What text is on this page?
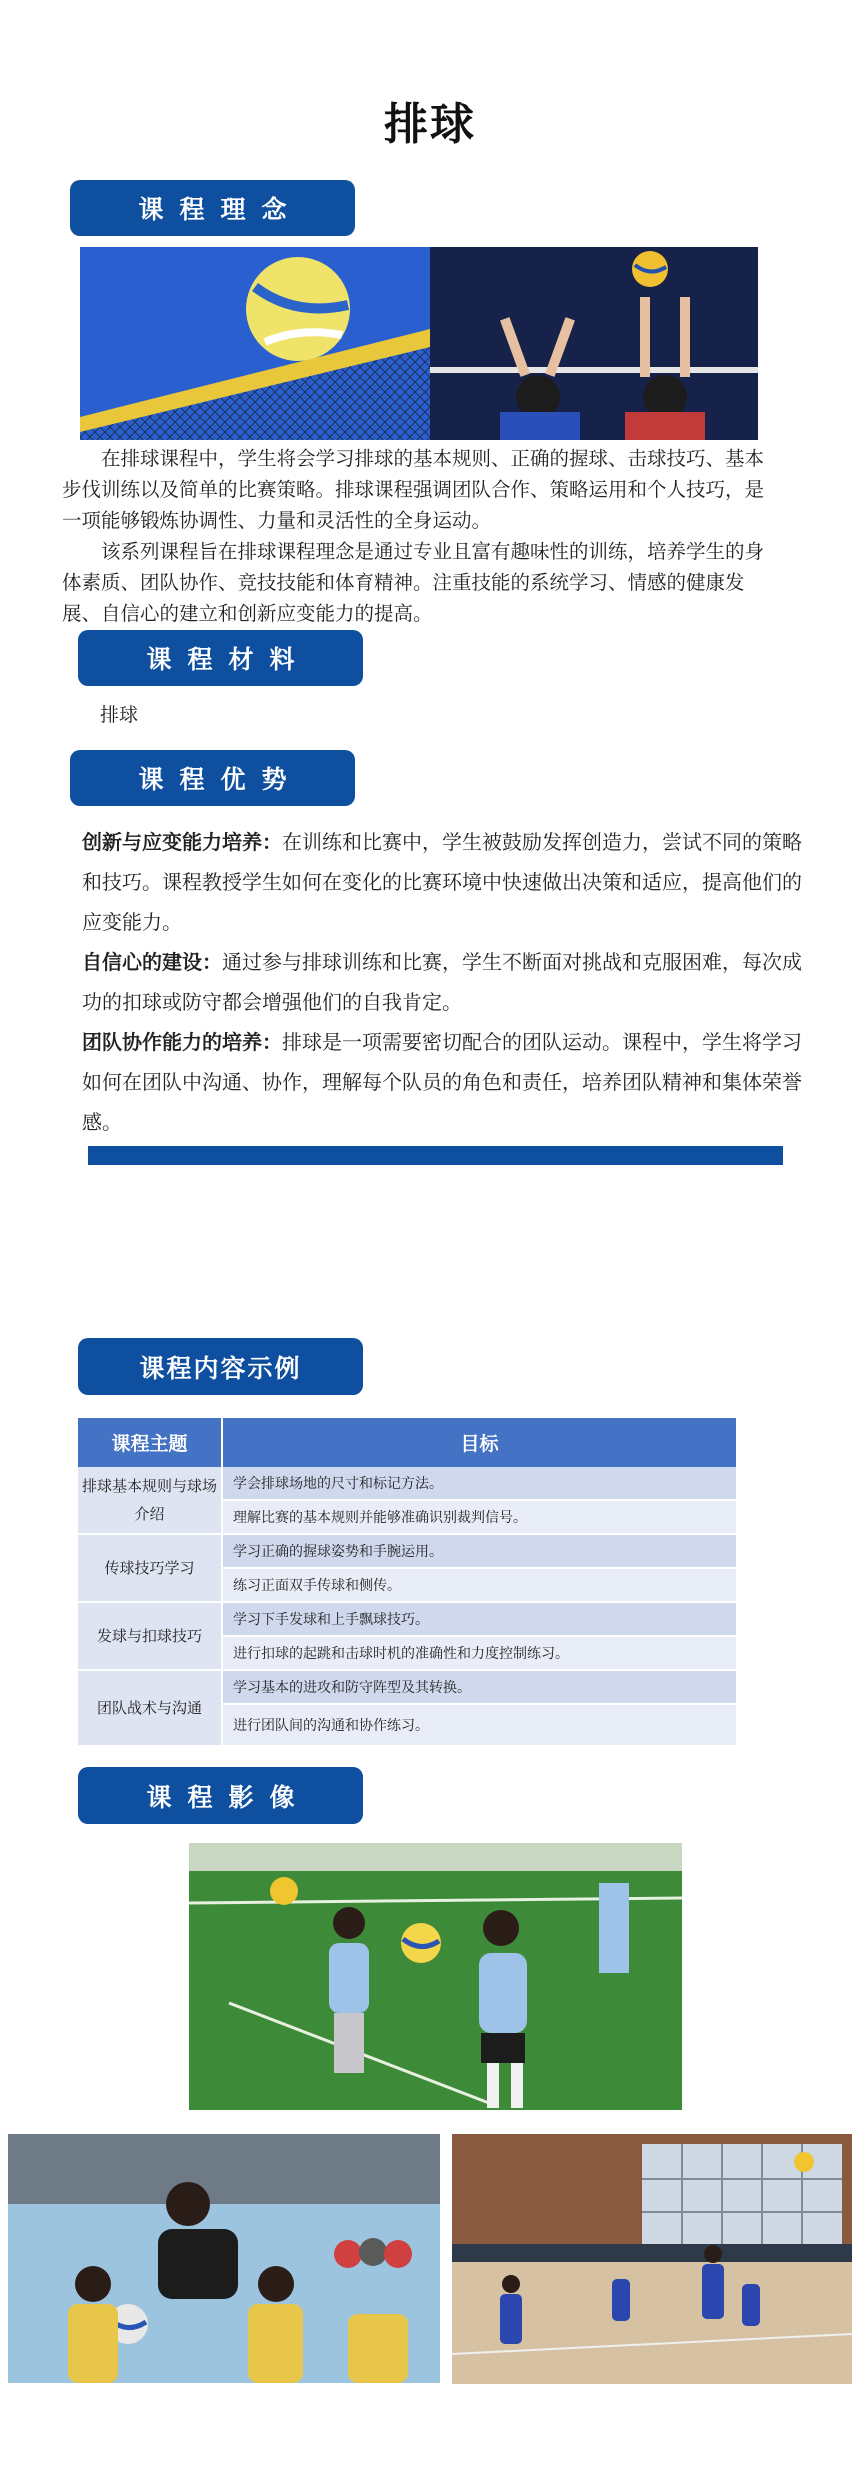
排球
课程理念

在排球课程中，学生将会学习排球的基本规则、正确的握球、击球技巧、基本步伐训练以及简单的比赛策略。排球课程强调团队合作、策略运用和个人技巧，是一项能够锻炼协调性、力量和灵活性的全身运动。

该系列课程旨在排球课程理念是通过专业且富有趣味性的训练，培养学生的身体素质、团队协作、竞技技能和体育精神。注重技能的系统学习、情感的健康发展、自信心的建立和创新应变能力的提高。

课程材料
排球
课程优势

创新与应变能力培养：在训练和比赛中，学生被鼓励发挥创造力，尝试不同的策略和技巧。课程教授学生如何在变化的比赛环境中快速做出决策和适应，提高他们的应变能力。

自信心的建设：通过参与排球训练和比赛，学生不断面对挑战和克服困难，每次成功的扣球或防守都会增强他们的自我肯定。

团队协作能力的培养：排球是一项需要密切配合的团队运动。课程中，学生将学习如何在团队中沟通、协作，理解每个队员的角色和责任，培养团队精神和集体荣誉感。

课程内容示例
课程主题	目标
排球基本规则与球场介绍	学会排球场地的尺寸和标记方法。
	理解比赛的基本规则并能够准确识别裁判信号。
传球技巧学习	学习正确的握球姿势和手腕运用。
	练习正面双手传球和侧传。
发球与扣球技巧	学习下手发球和上手飘球技巧。
	进行扣球的起跳和击球时机的准确性和力度控制练习。
团队战术与沟通	学习基本的进攻和防守阵型及其转换。
	进行团队间的沟通和协作练习。
课程影像
